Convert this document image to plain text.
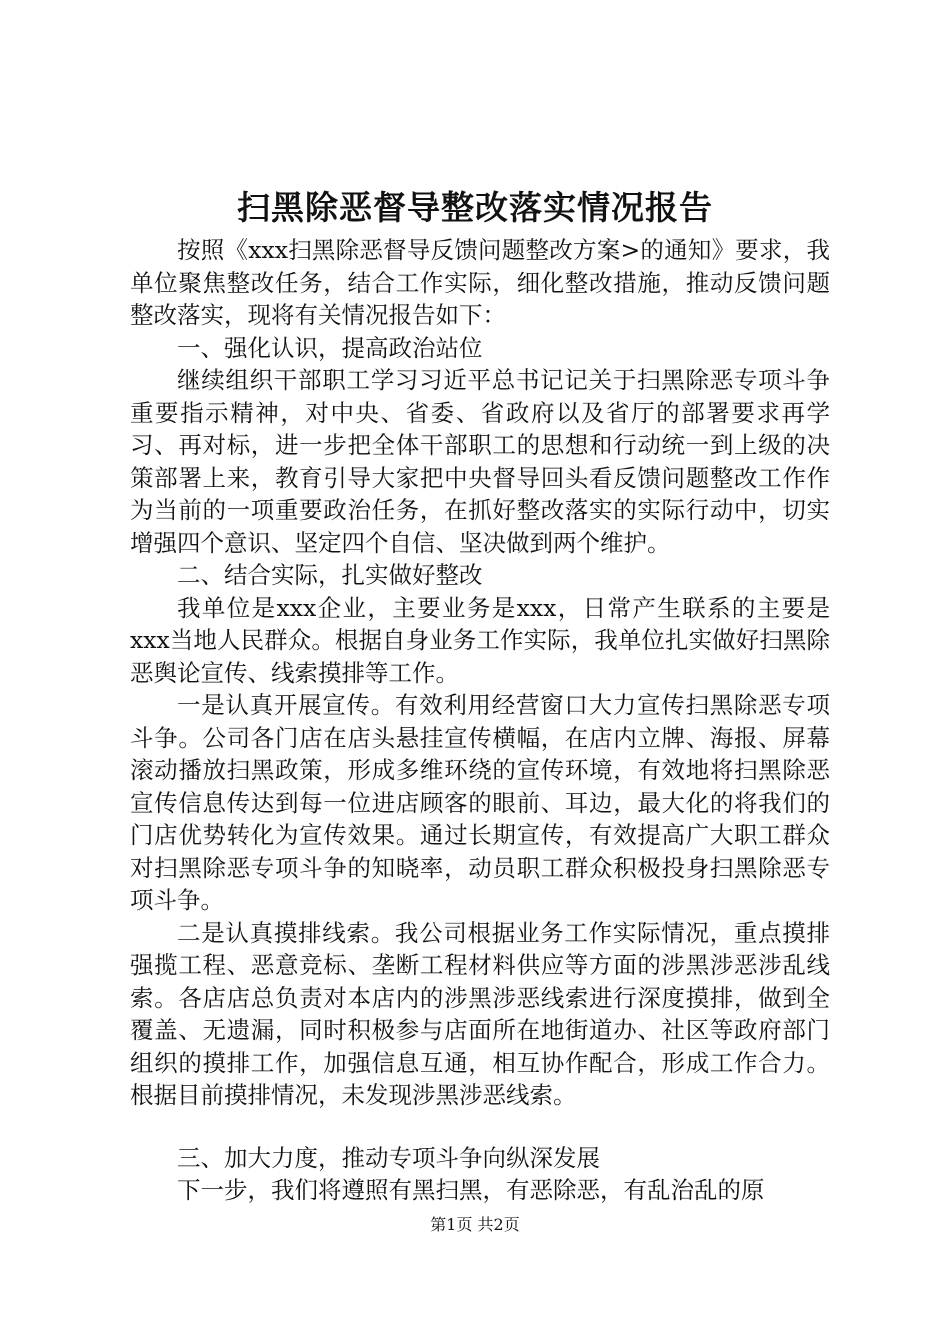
扫黑除恶督导整改落实情况报告

按照《xxx扫黑除恶督导反馈问题整改方案>的通知》要求，我单位聚焦整改任务，结合工作实际，细化整改措施，推动反馈问题整改落实，现将有关情况报告如下：

一、强化认识，提高政治站位

继续组织干部职工学习习近平总书记记关于扫黑除恶专项斗争重要指示精神，对中央、省委、省政府以及省厅的部署要求再学习、再对标，进一步把全体干部职工的思想和行动统一到上级的决策部署上来，教育引导大家把中央督导回头看反馈问题整改工作作为当前的一项重要政治任务，在抓好整改落实的实际行动中，切实增强四个意识、坚定四个自信、坚决做到两个维护。

二、结合实际，扎实做好整改

我单位是xxx企业，主要业务是xxx，日常产生联系的主要是xxx当地人民群众。根据自身业务工作实际，我单位扎实做好扫黑除恶舆论宣传、线索摸排等工作。

一是认真开展宣传。有效利用经营窗口大力宣传扫黑除恶专项斗争。公司各门店在店头悬挂宣传横幅，在店内立牌、海报、屏幕滚动播放扫黑政策，形成多维环绕的宣传环境，有效地将扫黑除恶宣传信息传达到每一位进店顾客的眼前、耳边，最大化的将我们的门店优势转化为宣传效果。通过长期宣传，有效提高广大职工群众对扫黑除恶专项斗争的知晓率，动员职工群众积极投身扫黑除恶专项斗争。

二是认真摸排线索。我公司根据业务工作实际情况，重点摸排强揽工程、恶意竞标、垄断工程材料供应等方面的涉黑涉恶涉乱线索。各店店总负责对本店内的涉黑涉恶线索进行深度摸排，做到全覆盖、无遗漏，同时积极参与店面所在地街道办、社区等政府部门组织的摸排工作，加强信息互通，相互协作配合，形成工作合力。根据目前摸排情况，未发现涉黑涉恶线索。

三、加大力度，推动专项斗争向纵深发展

下一步，我们将遵照有黑扫黑，有恶除恶，有乱治乱的原

第1页 共2页
